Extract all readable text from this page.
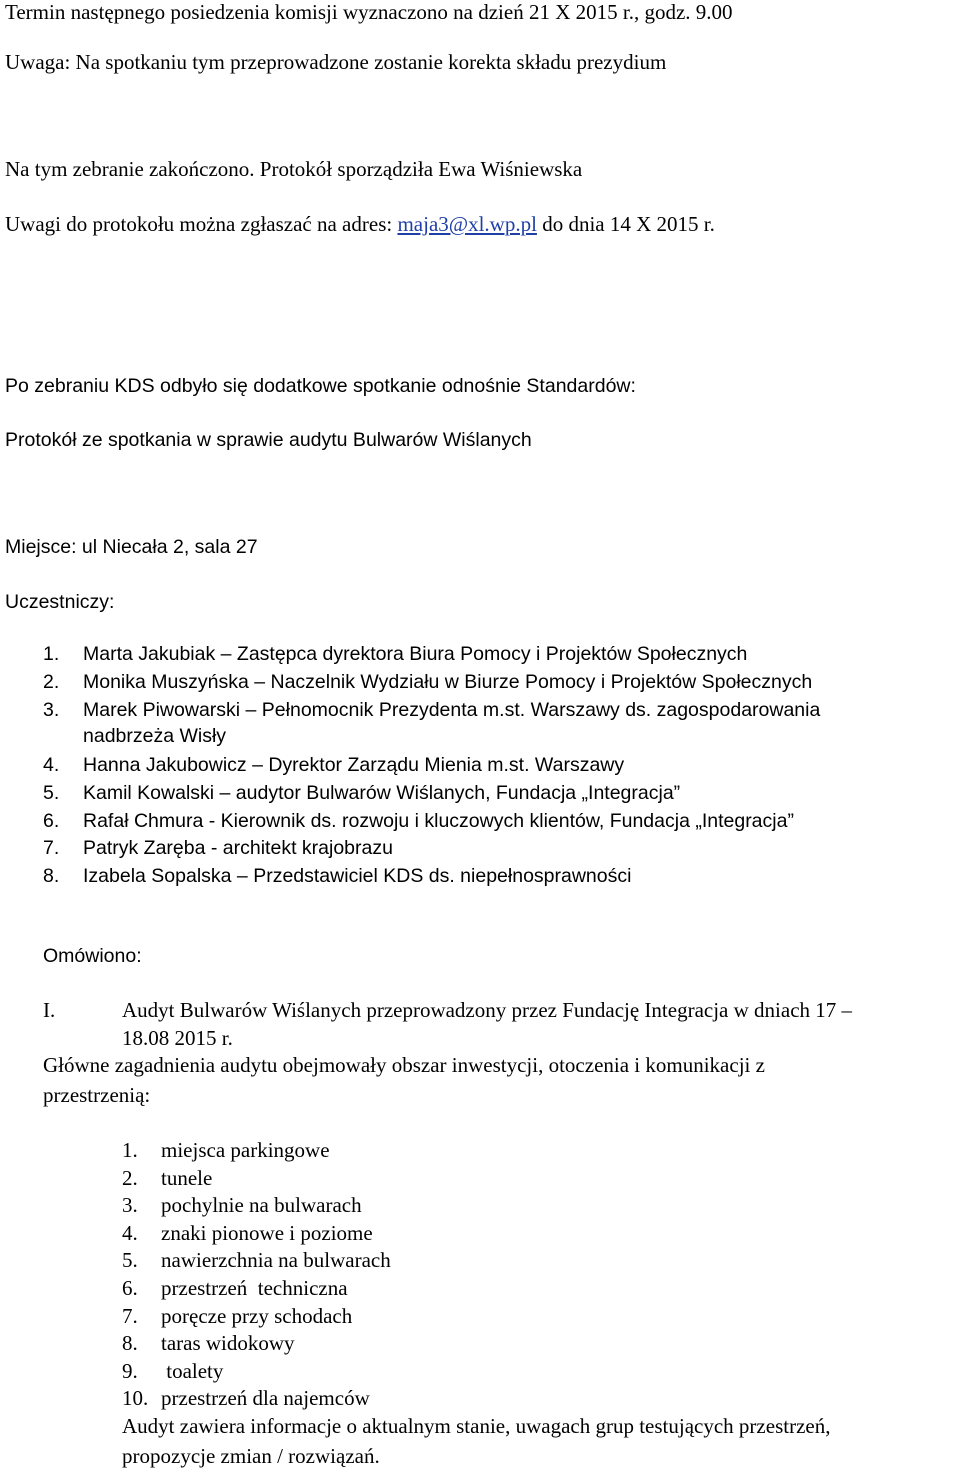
Termin następnego posiedzenia komisji wyznaczono na dzień 21 X 2015 r., godz. 9.00
Uwaga: Na spotkaniu tym przeprowadzone zostanie korekta składu prezydium
Na tym zebranie zakończono. Protokół sporządziła Ewa Wiśniewska
Uwagi do protokołu można zgłaszać na adres: maja3@xl.wp.pl do dnia 14 X 2015 r.
Po zebraniu KDS odbyło się dodatkowe spotkanie odnośnie Standardów:
Protokół ze spotkania w sprawie audytu Bulwarów Wiślanych
Miejsce: ul Niecała 2, sala 27
Uczestniczy:
1. Marta Jakubiak – Zastępca dyrektora Biura Pomocy i Projektów Społecznych
2. Monika Muszyńska – Naczelnik Wydziału w Biurze Pomocy i Projektów Społecznych
3. Marek Piwowarski – Pełnomocnik Prezydenta m.st. Warszawy ds. zagospodarowania
nadbrzeża Wisły
4. Hanna Jakubowicz – Dyrektor Zarządu Mienia m.st. Warszawy
5. Kamil Kowalski – audytor Bulwarów Wiślanych, Fundacja „Integracja”
6. Rafał Chmura - Kierownik ds. rozwoju i kluczowych klientów, Fundacja „Integracja”
7. Patryk Zaręba - architekt krajobrazu
8. Izabela Sopalska – Przedstawiciel KDS ds. niepełnosprawności
Omówiono:
I.	Audyt Bulwarów Wiślanych przeprowadzony przez Fundację Integracja w dniach 17 –
18.08 2015 r.
Główne zagadnienia audytu obejmowały obszar inwestycji, otoczenia i komunikacji z
przestrzenią:
1. miejsca parkingowe
2. tunele
3. pochylnie na bulwarach
4. znaki pionowe i poziome
5. nawierzchnia na bulwarach
6. przestrzeń  techniczna
7. poręcze przy schodach
8. taras widokowy
9. toalety
10. przestrzeń dla najemców
Audyt zawiera informacje o aktualnym stanie, uwagach grup testujących przestrzeń,
propozycje zmian / rozwiązań.
